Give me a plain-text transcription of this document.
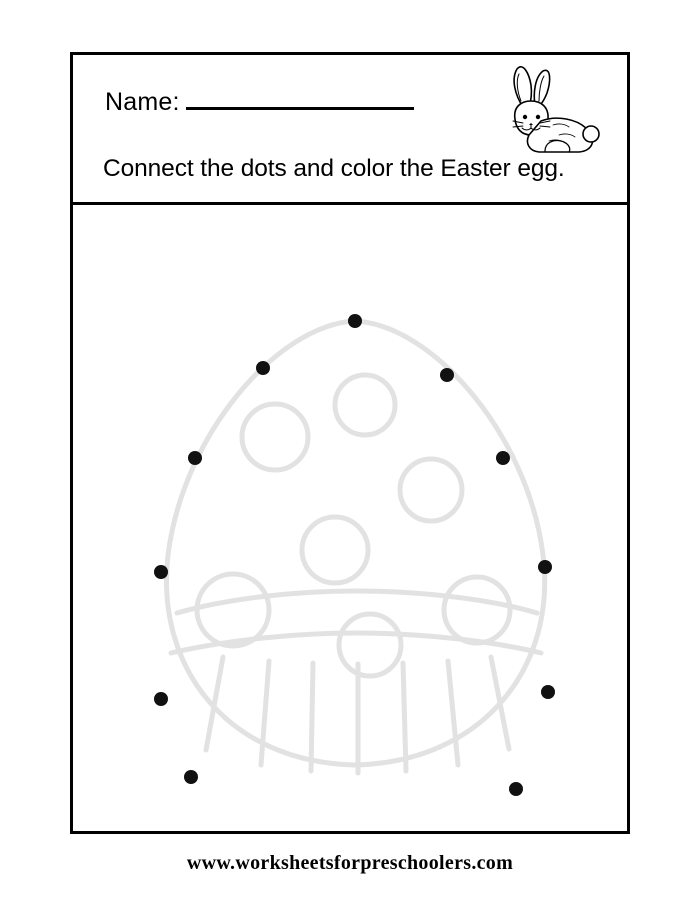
Name:
Connect the dots and color the Easter egg.
www.worksheetsforpreschoolers.com
